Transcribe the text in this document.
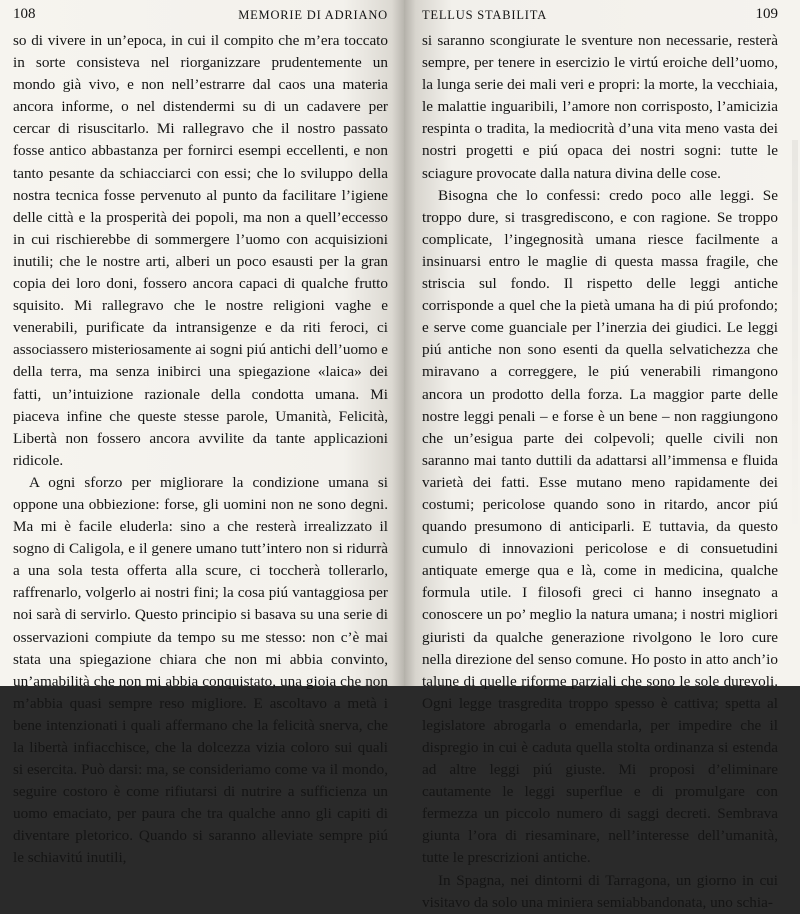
108	MEMORIE DI ADRIANO

so di vivere in un’epoca, in cui il compito che m’era toccato in sorte consisteva nel riorganizzare prudentemente un mondo già vivo, e non nell’estrarre dal caos una materia ancora informe, o nel distendermi su di un cadavere per cercar di risuscitarlo. Mi rallegravo che il nostro passato fosse antico abbastanza per fornirci esempi eccellenti, e non tanto pesante da schiacciarci con essi; che lo sviluppo della nostra tecnica fosse pervenuto al punto da facilitare l’igiene delle città e la prosperità dei popoli, ma non a quell’eccesso in cui rischierebbe di sommergere l’uomo con acquisizioni inutili; che le nostre arti, alberi un poco esausti per la gran copia dei loro doni, fossero ancora capaci di qualche frutto squisito. Mi rallegravo che le nostre religioni vaghe e venerabili, purificate da intransigenze e da riti feroci, ci associassero misteriosamente ai sogni piú antichi dell’uomo e della terra, ma senza inibirci una spiegazione «laica» dei fatti, un’intuizione razionale della condotta umana. Mi piaceva infine che queste stesse parole, Umanità, Felicità, Libertà non fossero ancora avvilite da tante applicazioni ridicole.

A ogni sforzo per migliorare la condizione umana si oppone una obbiezione: forse, gli uomini non ne sono degni. Ma mi è facile eluderla: sino a che resterà irrealizzato il sogno di Caligola, e il genere umano tutt’intero non si ridurrà a una sola testa offerta alla scure, ci toccherà tollerarlo, raffrenarlo, volgerlo ai nostri fini; la cosa piú vantaggiosa per noi sarà di servirlo. Questo principio si basava su una serie di osservazioni compiute da tempo su me stesso: non c’è mai stata una spiegazione chiara che non mi abbia convinto, un’amabilità che non mi abbia conquistato, una gioia che non m’abbia quasi sempre reso migliore. E ascoltavo a metà i bene intenzionati i quali affermano che la felicità snerva, che la libertà infiacchisce, che la dolcezza vizia coloro sui quali si esercita. Può darsi: ma, se consideriamo come va il mondo, seguire costoro è come rifiutarsi di nutrire a sufficienza un uomo emaciato, per paura che tra qualche anno gli capiti di diventare pletorico. Quando si saranno alleviate sempre piú le schiavitú inutili,

TELLUS STABILITA	109

si saranno scongiurate le sventure non necessarie, resterà sempre, per tenere in esercizio le virtú eroiche dell’uomo, la lunga serie dei mali veri e propri: la morte, la vecchiaia, le malattie inguaribili, l’amore non corrisposto, l’amicizia respinta o tradita, la mediocrità d’una vita meno vasta dei nostri progetti e piú opaca dei nostri sogni: tutte le sciagure provocate dalla natura divina delle cose.

Bisogna che lo confessi: credo poco alle leggi. Se troppo dure, si trasgrediscono, e con ragione. Se troppo complicate, l’ingegnosità umana riesce facilmente a insinuarsi entro le maglie di questa massa fragile, che striscia sul fondo. Il rispetto delle leggi antiche corrisponde a quel che la pietà umana ha di piú profondo; e serve come guanciale per l’inerzia dei giudici. Le leggi piú antiche non sono esenti da quella selvatichezza che miravano a correggere, le piú venerabili rimangono ancora un prodotto della forza. La maggior parte delle nostre leggi penali – e forse è un bene – non raggiungono che un’esigua parte dei colpevoli; quelle civili non saranno mai tanto duttili da adattarsi all’immensa e fluida varietà dei fatti. Esse mutano meno rapidamente dei costumi; pericolose quando sono in ritardo, ancor piú quando presumono di anticiparli. E tuttavia, da questo cumulo di innovazioni pericolose e di consuetudini antiquate emerge qua e là, come in medicina, qualche formula utile. I filosofi greci ci hanno insegnato a conoscere un po’ meglio la natura umana; i nostri migliori giuristi da qualche generazione rivolgono le loro cure nella direzione del senso comune. Ho posto in atto anch’io talune di quelle riforme parziali che sono le sole durevoli. Ogni legge trasgredita troppo spesso è cattiva; spetta al legislatore abrogarla o emendarla, per impedire che il dispregio in cui è caduta quella stolta ordinanza si estenda ad altre leggi piú giuste. Mi proposi d’eliminare cautamente le leggi superflue e di promulgare con fermezza un piccolo numero di saggi decreti. Sembrava giunta l’ora di riesaminare, nell’interesse dell’umanità, tutte le prescrizioni antiche.

In Spagna, nei dintorni di Tarragona, un giorno in cui visitavo da solo una miniera semiabbandonata, uno schia-
